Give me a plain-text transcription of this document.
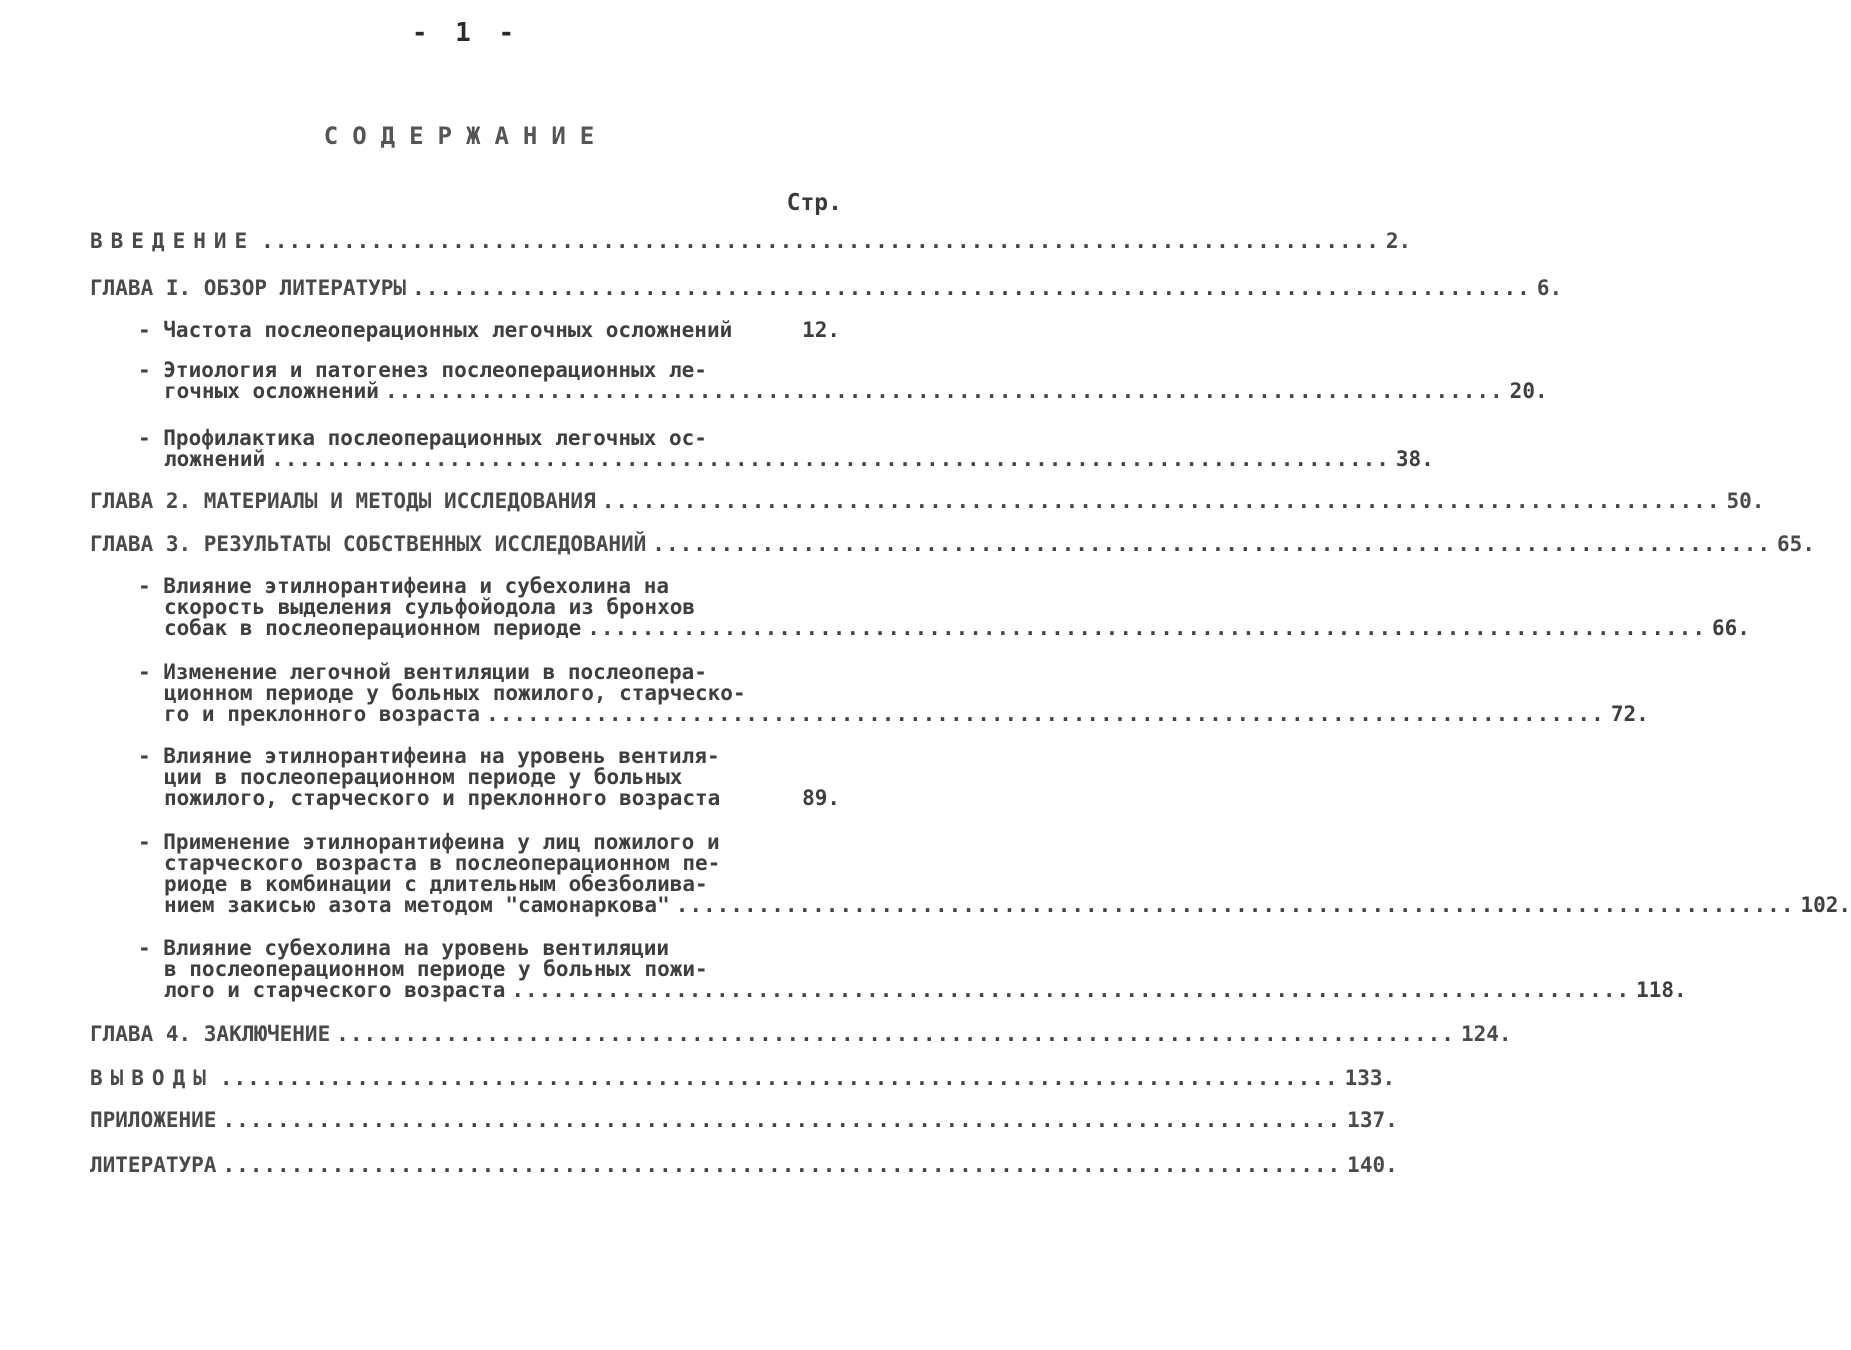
- 1 -
СОДЕРЖАНИЕ
Стр.
ВВЕДЕНИЕ .................................................................................. 2.
ГЛАВА I. ОБЗОР ЛИТЕРАТУРЫ .................................................................................. 6.
- Частота послеоперационных легочных осложнений	12.
- Этиология и патогенез послеоперационных ле-
гочных осложнений .................................................................................. 20.
- Профилактика послеоперационных легочных ос-
ложнений .................................................................................. 38.
ГЛАВА 2. МАТЕРИАЛЫ И МЕТОДЫ ИССЛЕДОВАНИЯ .................................................................................. 50.
ГЛАВА 3. РЕЗУЛЬТАТЫ СОБСТВЕННЫХ ИССЛЕДОВАНИЙ .................................................................................. 65.
- Влияние этилнорантифеина и субехолина на
скорость выделения сульфойодола из бронхов
собак в послеоперационном периоде .................................................................................. 66.
- Изменение легочной вентиляции в послеопера-
ционном периоде у больных пожилого, старческо-
го и преклонного возраста .................................................................................. 72.
- Влияние этилнорантифеина на уровень вентиля-
ции в послеоперационном периоде у больных
пожилого, старческого и преклонного возраста	89.
- Применение этилнорантифеина у лиц пожилого и
старческого возраста в послеоперационном пе-
риоде в комбинации с длительным обезболива-
нием закисью азота методом "самонаркова" .................................................................................. 102.
- Влияние субехолина на уровень вентиляции
в послеоперационном периоде у больных пожи-
лого и старческого возраста .................................................................................. 118.
ГЛАВА 4. ЗАКЛЮЧЕНИЕ .................................................................................. 124.
ВЫВОДЫ .................................................................................. 133.
ПРИЛОЖЕНИЕ .................................................................................. 137.
ЛИТЕРАТУРА .................................................................................. 140.
